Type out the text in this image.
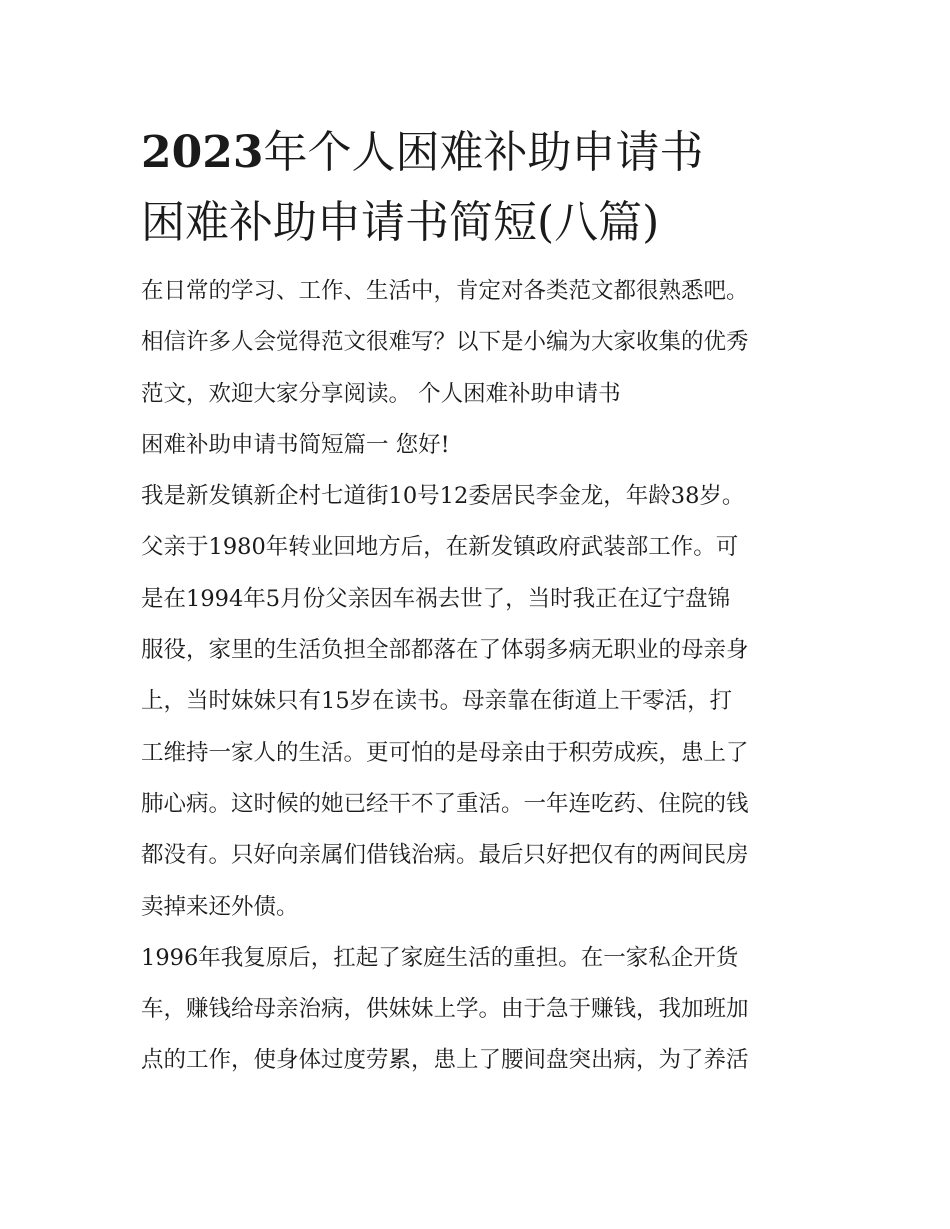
2023年个人困难补助申请书
困难补助申请书简短(八篇)
在日常的学习、工作、生活中，肯定对各类范文都很熟悉吧。
相信许多人会觉得范文很难写？以下是小编为大家收集的优秀
范文，欢迎大家分享阅读。 个人困难补助申请书
困难补助申请书简短篇一 您好!
我是新发镇新企村七道街10号12委居民李金龙，年龄38岁。
父亲于1980年转业回地方后，在新发镇政府武装部工作。可
是在1994年5月份父亲因车祸去世了，当时我正在辽宁盘锦
服役，家里的生活负担全部都落在了体弱多病无职业的母亲身
上，当时妹妹只有15岁在读书。母亲靠在街道上干零活，打
工维持一家人的生活。更可怕的是母亲由于积劳成疾，患上了
肺心病。这时候的她已经干不了重活。一年连吃药、住院的钱
都没有。只好向亲属们借钱治病。最后只好把仅有的两间民房
卖掉来还外债。
1996年我复原后，扛起了家庭生活的重担。在一家私企开货
车，赚钱给母亲治病，供妹妹上学。由于急于赚钱，我加班加
点的工作，使身体过度劳累，患上了腰间盘突出病，为了养活
